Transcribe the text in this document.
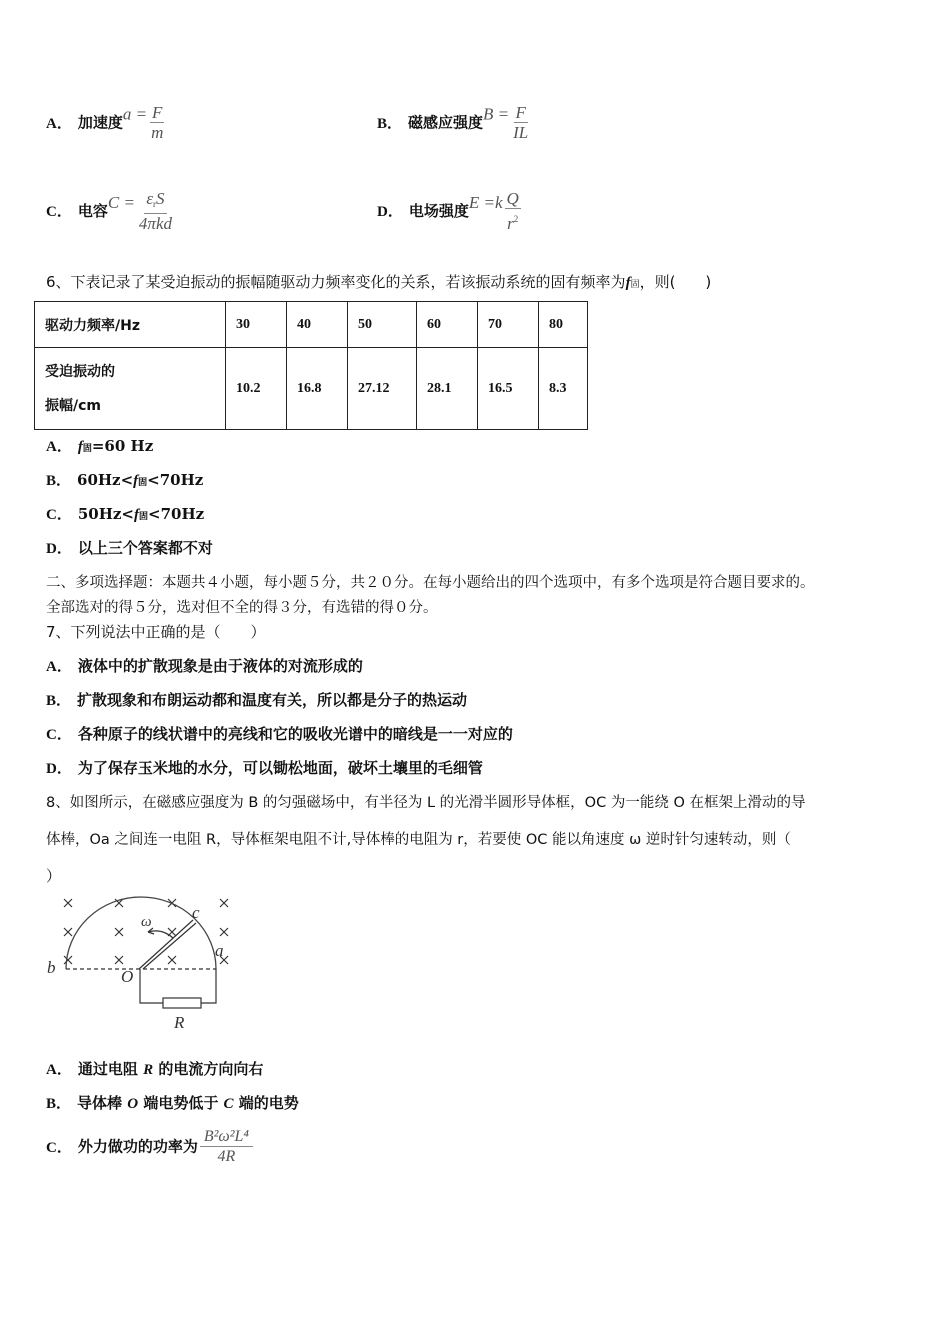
A． 加速度$a = \frac{F}{m}$	B． 磁感应强度$B = \frac{F}{IL}$
C． 电容$C = \frac{\varepsilon_rS}{\text{4πkd}}$	D． 电场强度$E =k \frac{Q}{r^2}$
6、下表记录了某受迫振动的振幅随驱动力频率变化的关系，若该振动系统的固有频率为f固，则(　　)
驱动力频率/Hz	30	40	50	60	70	80

受迫振动的
振幅/cm	10.2	16.8	27.12	28.1	16.5	8.3
A． f固=60 Hz
B． 60Hz<f固<70Hz
C． 50Hz<f固<70Hz
D． 以上三个答案都不对
二、多项选择题：本题共４小题，每小题５分，共２０分。在每小题给出的四个选项中，有多个选项是符合题目要求的。
全部选对的得５分，选对但不全的得３分，有选错的得０分。
7、下列说法中正确的是（　　）
A． 液体中的扩散现象是由于液体的对流形成的
B． 扩散现象和布朗运动都和温度有关，所以都是分子的热运动
C． 各种原子的线状谱中的亮线和它的吸收光谱中的暗线是一一对应的
D． 为了保存玉米地的水分，可以锄松地面，破坏土壤里的毛细管
8、如图所示，在磁感应强度为 B 的匀强磁场中，有半径为 L 的光滑半圆形导体框，OC 为一能绕 O 在框架上滑动的导
体棒，Oa 之间连一电阻 R，导体框架电阻不计,导体棒的电阻为 r，若要使 OC 能以角速度 ω 逆时针匀速转动，则（
）
b	O
c
a
ω
R
A． 通过电阻 R 的电流方向向右
B． 导体棒 O 端电势低于 C 端的电势
C． 外力做功的功率为 $\frac{\text{B²ω²L⁴}}{4R}$
